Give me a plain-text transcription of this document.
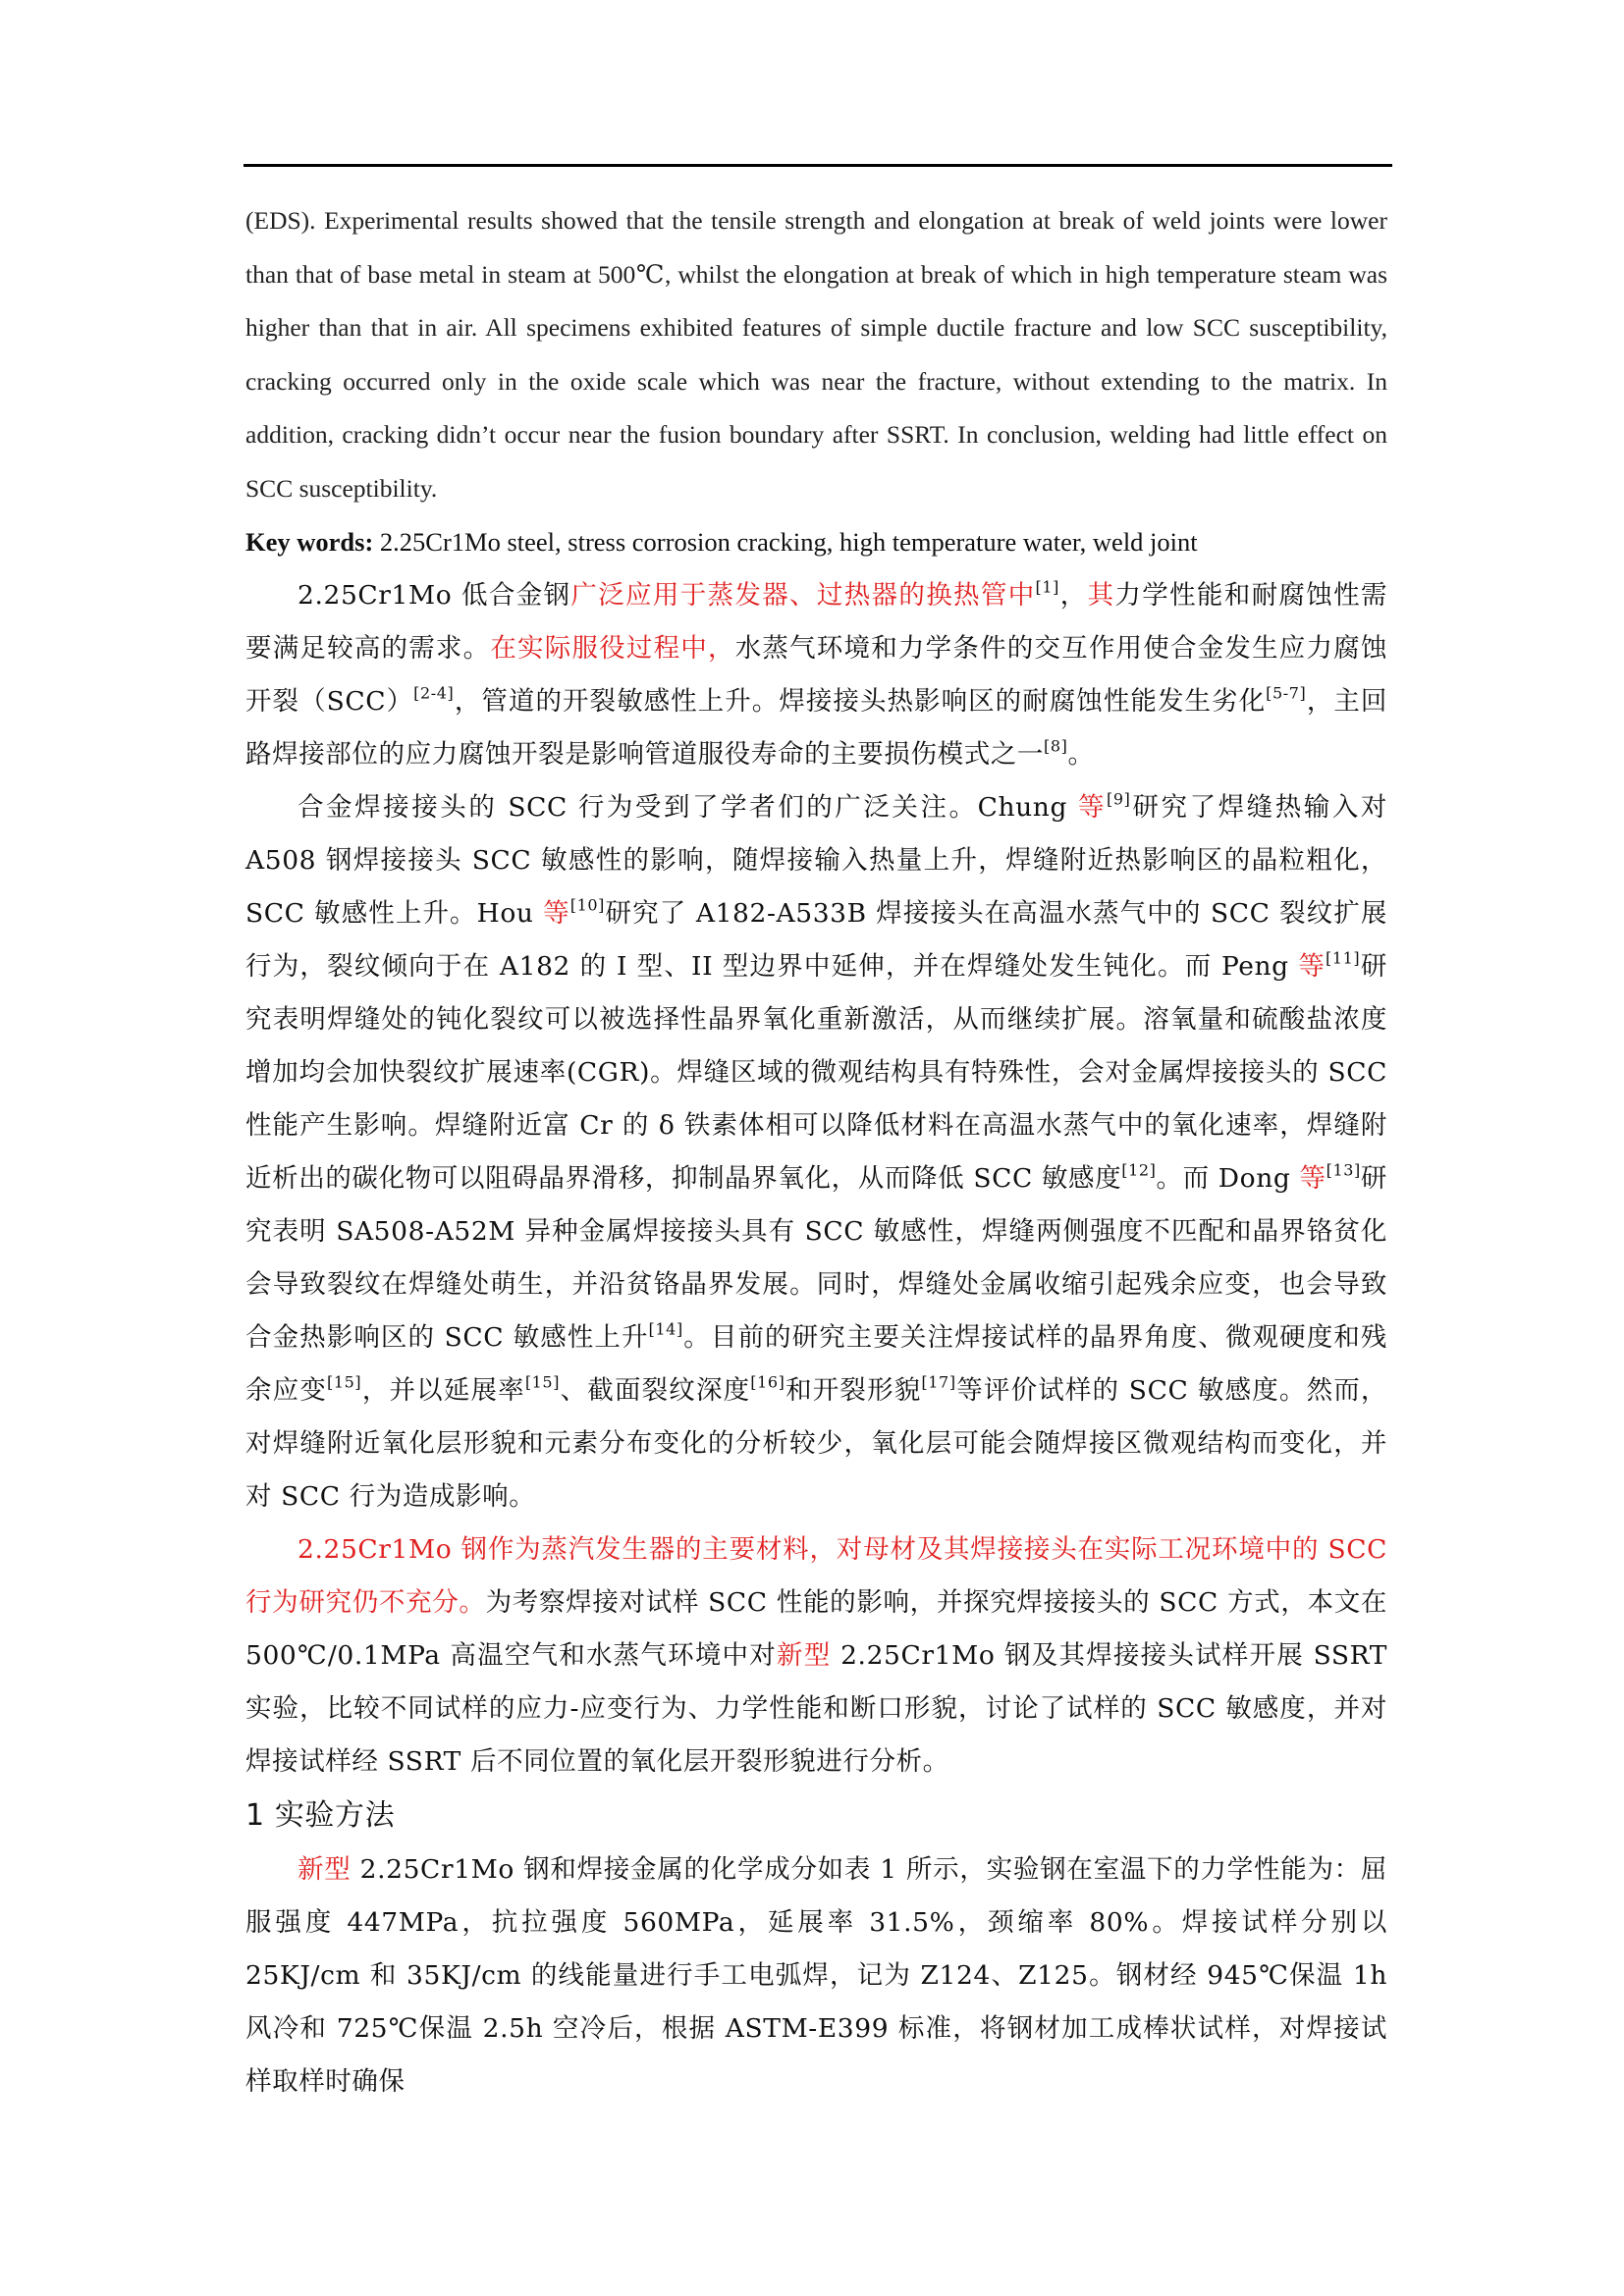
(EDS). Experimental results showed that the tensile strength and elongation at break of weld joints were lower than that of base metal in steam at 500℃, whilst the elongation at break of which in high temperature steam was higher than that in air. All specimens exhibited features of simple ductile fracture and low SCC susceptibility, cracking occurred only in the oxide scale which was near the fracture, without extending to the matrix. In addition, cracking didn’t occur near the fusion boundary after SSRT. In conclusion, welding had little effect on SCC susceptibility.

Key words: 2.25Cr1Mo steel, stress corrosion cracking, high temperature water, weld joint

2.25Cr1Mo 低合金钢广泛应用于蒸发器、过热器的换热管中[1]，其力学性能和耐腐蚀性需要满足较高的需求。在实际服役过程中，水蒸气环境和力学条件的交互作用使合金发生应力腐蚀开裂（SCC）[2-4]，管道的开裂敏感性上升。焊接接头热影响区的耐腐蚀性能发生劣化[5-7]，主回路焊接部位的应力腐蚀开裂是影响管道服役寿命的主要损伤模式之一[8]。

合金焊接接头的 SCC 行为受到了学者们的广泛关注。Chung 等[9]研究了焊缝热输入对 A508 钢焊接接头 SCC 敏感性的影响，随焊接输入热量上升，焊缝附近热影响区的晶粒粗化，SCC 敏感性上升。Hou 等[10]研究了 A182-A533B 焊接接头在高温水蒸气中的 SCC 裂纹扩展行为，裂纹倾向于在 A182 的 I 型、II 型边界中延伸，并在焊缝处发生钝化。而 Peng 等[11]研究表明焊缝处的钝化裂纹可以被选择性晶界氧化重新激活，从而继续扩展。溶氧量和硫酸盐浓度增加均会加快裂纹扩展速率(CGR)。焊缝区域的微观结构具有特殊性，会对金属焊接接头的 SCC 性能产生影响。焊缝附近富 Cr 的 δ 铁素体相可以降低材料在高温水蒸气中的氧化速率，焊缝附近析出的碳化物可以阻碍晶界滑移，抑制晶界氧化，从而降低 SCC 敏感度[12]。而 Dong 等[13]研究表明 SA508-A52M 异种金属焊接接头具有 SCC 敏感性，焊缝两侧强度不匹配和晶界铬贫化会导致裂纹在焊缝处萌生，并沿贫铬晶界发展。同时，焊缝处金属收缩引起残余应变，也会导致合金热影响区的 SCC 敏感性上升[14]。目前的研究主要关注焊接试样的晶界角度、微观硬度和残余应变[15]，并以延展率[15]、截面裂纹深度[16]和开裂形貌[17]等评价试样的 SCC 敏感度。然而，对焊缝附近氧化层形貌和元素分布变化的分析较少，氧化层可能会随焊接区微观结构而变化，并对 SCC 行为造成影响。

2.25Cr1Mo 钢作为蒸汽发生器的主要材料，对母材及其焊接接头在实际工况环境中的 SCC 行为研究仍不充分。为考察焊接对试样 SCC 性能的影响，并探究焊接接头的 SCC 方式，本文在 500℃/0.1MPa 高温空气和水蒸气环境中对新型 2.25Cr1Mo 钢及其焊接接头试样开展 SSRT 实验，比较不同试样的应力-应变行为、力学性能和断口形貌，讨论了试样的 SCC 敏感度，并对焊接试样经 SSRT 后不同位置的氧化层开裂形貌进行分析。

1 实验方法

新型 2.25Cr1Mo 钢和焊接金属的化学成分如表 1 所示，实验钢在室温下的力学性能为：屈服强度 447MPa，抗拉强度 560MPa，延展率 31.5%，颈缩率 80%。焊接试样分别以 25KJ/cm 和 35KJ/cm 的线能量进行手工电弧焊，记为 Z124、Z125。钢材经 945℃保温 1h 风冷和 725℃保温 2.5h 空冷后，根据 ASTM-E399 标准，将钢材加工成棒状试样，对焊接试样取样时确保
